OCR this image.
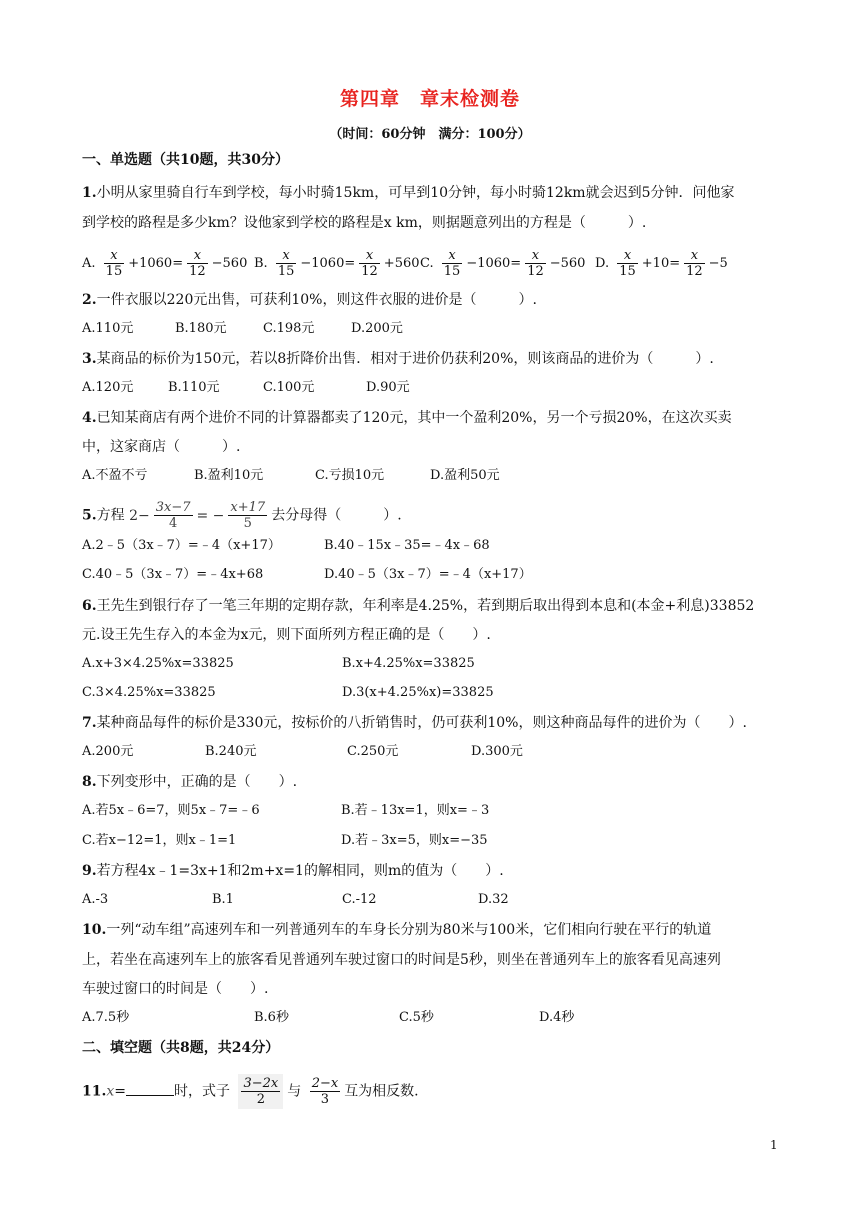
第四章　章末检测卷
（时间：60分钟　满分：100分）
一、单选题（共10题，共30分）
1.小明从家里骑自行车到学校，每小时骑15km，可早到10分钟，每小时骑12km就会迟到5分钟．问他家
到学校的路程是多少km？设他家到学校的路程是x km，则据题意列出的方程是（　　　）.
A. $\frac{x}{15} +1060= \frac{x}{12} -560$ B. $\frac{x}{15} -1060= \frac{x}{12} +560$ C. $\frac{x}{15} -1060= \frac{x}{12} -560$ D. $\frac{x}{15} +10= \frac{x}{12} -5$
2.一件衣服以220元出售，可获利10%，则这件衣服的进价是（　　　）.
A.110元	B.180元	C.198元	D.200元
3.某商品的标价为150元，若以8折降价出售．相对于进价仍获利20%，则该商品的进价为（　　　）.
A.120元	B.110元	C.100元	D.90元
4.已知某商店有两个进价不同的计算器都卖了120元，其中一个盈利20%，另一个亏损20%，在这次买卖
中，这家商店（　　　）.
A.不盈不亏	B.盈利10元	C.亏损10元	D.盈利50元
5.方程 $2- \frac{3x-7}{4}$ = − $\frac{x+17}{5}$ 去分母得（　　　）.
A.2﹣5（3x﹣7）=﹣4（x+17）	B.40﹣15x﹣35=﹣4x﹣68
C.40﹣5（3x﹣7）=﹣4x+68	D.40﹣5（3x﹣7）=﹣4（x+17）
6.王先生到银行存了一笔三年期的定期存款，年利率是4.25%，若到期后取出得到本息和(本金+利息)33852
元.设王先生存入的本金为x元，则下面所列方程正确的是（　　）.
A.x+3×4.25%x=33825	B.x+4.25%x=33825
C.3×4.25%x=33825	D.3(x+4.25%x)=33825
7.某种商品每件的标价是330元，按标价的八折销售时，仍可获利10%，则这种商品每件的进价为（　　）.
A.200元	B.240元	C.250元	D.300元
8.下列变形中，正确的是（　　）.
A.若5x﹣6=7，则5x﹣7=﹣6	B.若﹣13x=1，则x=﹣3
C.若x−12=1，则x﹣1=1	D.若﹣3x=5，则x=−35
9.若方程4x﹣1=3x+1和2m+x=1的解相同，则m的值为（　　）.
A.-3	B.1	C.-12	D.32
10.一列“动车组”高速列车和一列普通列车的车身长分别为80米与100米，它们相向行驶在平行的轨道
上，若坐在高速列车上的旅客看见普通列车驶过窗口的时间是5秒，则坐在普通列车上的旅客看见高速列
车驶过窗口的时间是（　　）.
A.7.5秒	B.6秒	C.5秒	D.4秒
二、填空题（共8题，共24分）
11.x=	时，式子 $\frac{3-2x}{2}$ 与 $\frac{2-x}{3}$ 互为相反数.
1
